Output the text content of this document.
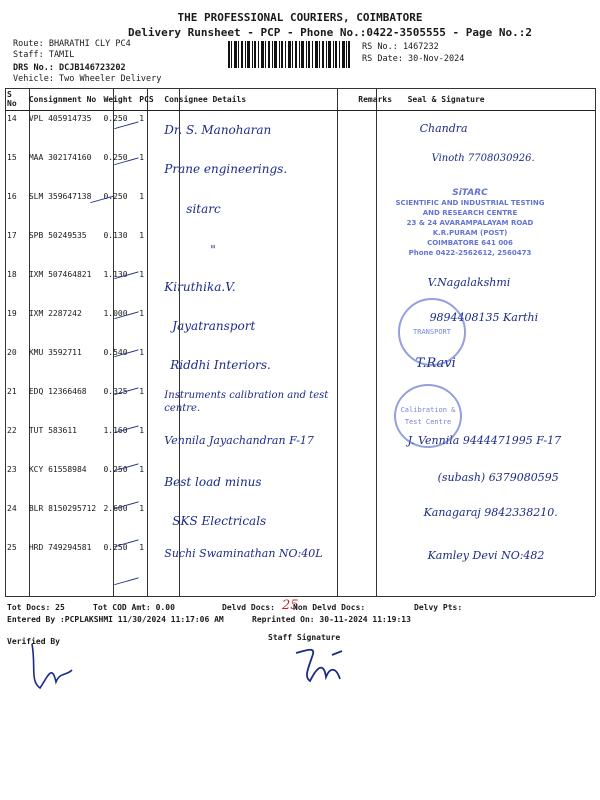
THE PROFESSIONAL COURIERS, COIMBATORE
Delivery Runsheet - PCP - Phone No.:0422-3505555 - Page No.:2
Route: BHARATHI CLY PC4
Staff: TAMIL
DRS No.: DCJB146723202
Vehicle: Two Wheeler Delivery
RS No.: 1467232
RS Date: 30-Nov-2024
S No	Consignment No	Weight	PCS	Consignee Details	Remarks	Seal & Signature
14	VPL 405914735	0.250	1	Dr. S. Manoharan		Chandra

15	MAA 302174160	0.250	1	Prane engineerings.		Vinoth 7708030926.

16	SLM 359647138	0.250	1	sitarc		

17	SPB 50249535	0.130	1	"		

18	IXM 507464821	1.130	1	Kiruthika.V.		V.Nagalakshmi

19	IXM 2287242	1.000	1	Jayatransport		9894408135 Karthi

20	KMU 3592711	0.540	1	Riddhi Interiors.		T.Ravi

21	EDQ 12366468	0.325	1	Instruments calibration and test centre.		

22	TUT 583611	1.160	1	Vennila Jayachandran F-17		J. Vennila 9444471995 F-17

23	KCY 61558984	0.250	1	Best load minus		(subash) 6379080595

24	BLR 8150295712	2.600	1	SKS Electricals		Kanagaraj 9842338210.

25	HRD 749294581	0.250	1	Suchi Swaminathan NO:40L		Kamley Devi NO:482
SiTARC
SCIENTIFIC AND INDUSTRIAL TESTING
AND RESEARCH CENTRE
23 & 24 AVARAMPALAYAM ROAD
K.R.PURAM (POST)
COIMBATORE 641 006
Phone 0422-2562612, 2560473
TRANSPORT
Calibration & Test Centre
Tot Docs: 25	Tot COD Amt: 0.00	Delvd Docs: 25
Non Delvd Docs:	Delvy Pts:
Entered By :PCPLAKSHMI 11/30/2024 11:17:06 AM	Reprinted On: 30-11-2024 11:19:13
Verified By	Staff Signature
